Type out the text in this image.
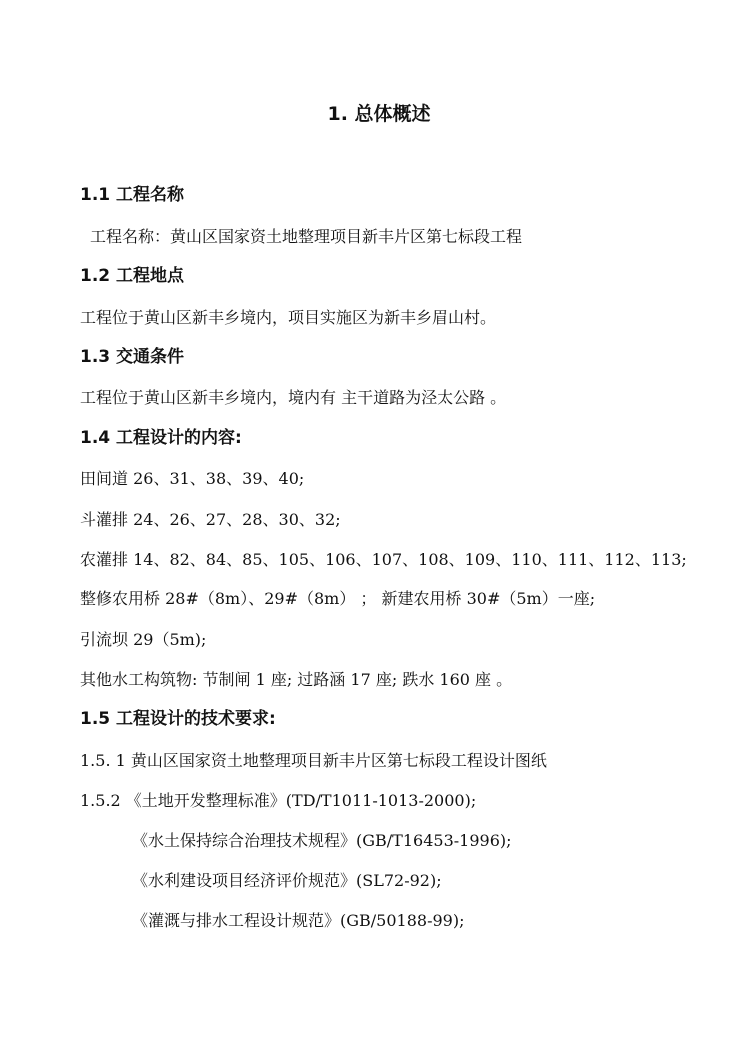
1. 总体概述
1.1 工程名称
工程名称：黄山区国家资土地整理项目新丰片区第七标段工程
1.2 工程地点
工程位于黄山区新丰乡境内，项目实施区为新丰乡眉山村。
1.3 交通条件
工程位于黄山区新丰乡境内，境内有 主干道路为泾太公路 。
1.4 工程设计的内容:
田间道 26、31、38、39、40;
斗灌排 24、26、27、28、30、32;
农灌排 14、82、84、85、105、106、107、108、109、110、111、112、113;
整修农用桥 28#（8m）、29#（8m） ； 新建农用桥 30#（5m）一座;
引流坝 29（5m);
其他水工构筑物: 节制闸 1 座; 过路涵 17 座; 跌水 160 座 。
1.5 工程设计的技术要求:
1.5. 1 黄山区国家资土地整理项目新丰片区第七标段工程设计图纸
1.5.2 《土地开发整理标准》(TD/T1011-1013-2000);
《水土保持综合治理技术规程》(GB/T16453-1996);
《水利建设项目经济评价规范》(SL72-92);
《灌溉与排水工程设计规范》(GB/50188-99);
